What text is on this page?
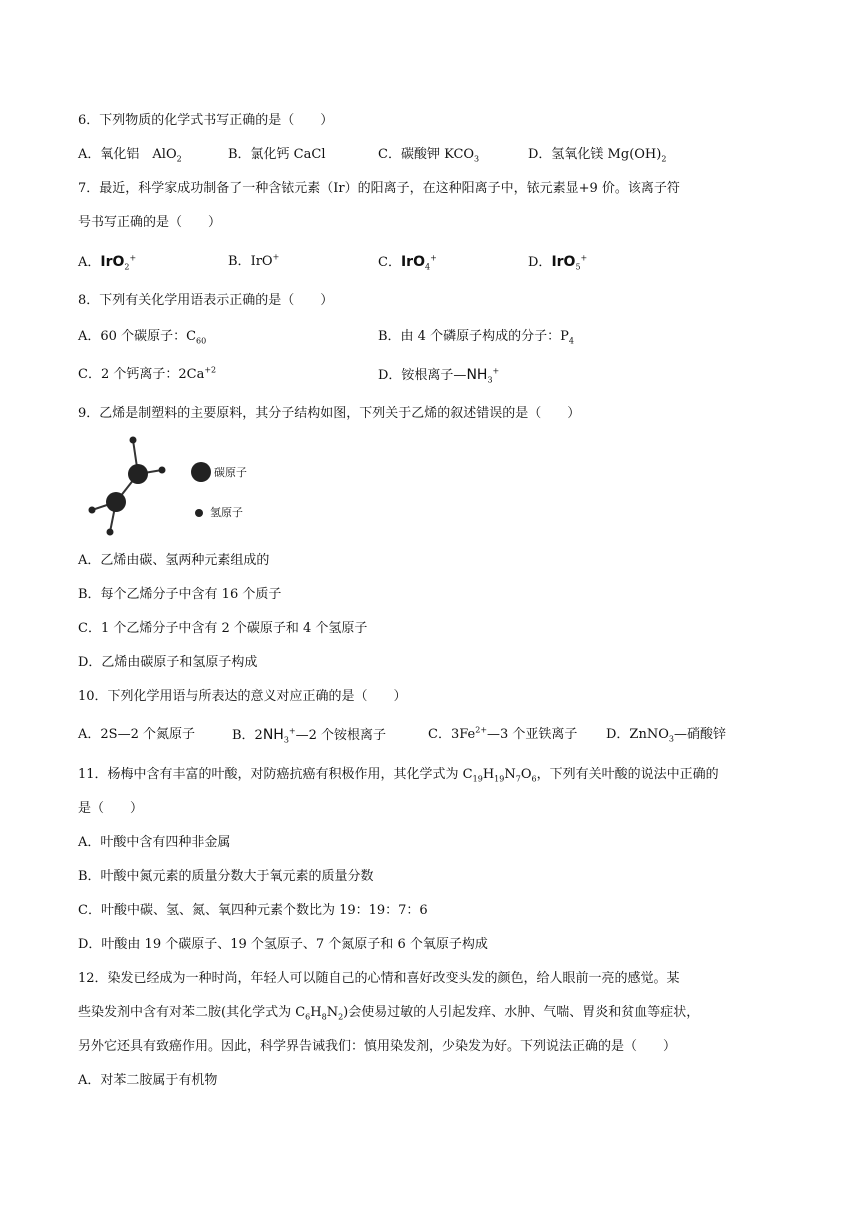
6．下列物质的化学式书写正确的是（　　）
A．氧化铝　AlO$_2$	B．氯化钙 CaCl	C．碳酸钾 $KCO_3$	D．氢氧化镁 $Mg(OH)_2$
7．最近，科学家成功制备了一种含铱元素（Ir）的阳离子，在这种阳离子中，铱元素显+9 价。该离子符
号书写正确的是（　　）
A．IrO$_2$+	B．IrO+	C．IrO$_4$+	D．IrO$_5$+
8．下列有关化学用语表示正确的是（　　）
A．60 个碳原子：$C_{60}$	B．由 4 个磷原子构成的分子：$P_4$
C．2 个钙离子：$2Ca^{+2}$	D．铵根离子$—NH_3^+$
9．乙烯是制塑料的主要原料，其分子结构如图，下列关于乙烯的叙述错误的是（　　）
碳原子
氢原子
A．乙烯由碳、氢两种元素组成的
B．每个乙烯分子中含有 16 个质子
C．1 个乙烯分子中含有 2 个碳原子和 4 个氢原子
D．乙烯由碳原子和氢原子构成
10．下列化学用语与所表达的意义对应正确的是（　　）
A．2S—2 个氮原子	B．$2NH_3^+—2$ 个铵根离子	C．$3Fe^{2+}—3$ 个亚铁离子 D．ZnNO$_3$—硝酸锌
11．杨梅中含有丰富的叶酸，对防癌抗癌有积极作用，其化学式为 $C_{19}H_{19}N_7O_6$，下列有关叶酸的说法中正确的
是（　　）
A．叶酸中含有四种非金属
B．叶酸中氮元素的质量分数大于氧元素的质量分数
C．叶酸中碳、氢、氮、氧四种元素个数比为 19：19：7：6
D．叶酸由 19 个碳原子、19 个氢原子、7 个氮原子和 6 个氧原子构成
12．染发已经成为一种时尚，年轻人可以随自己的心情和喜好改变头发的颜色，给人眼前一亮的感觉。某
些染发剂中含有对苯二胺(其化学式为 $C_6H_8N_2$)会使易过敏的人引起发痒、水肿、气喘、胃炎和贫血等症状，
另外它还具有致癌作用。因此，科学界告诫我们：慎用染发剂，少染发为好。下列说法正确的是（　　）
A．对苯二胺属于有机物
